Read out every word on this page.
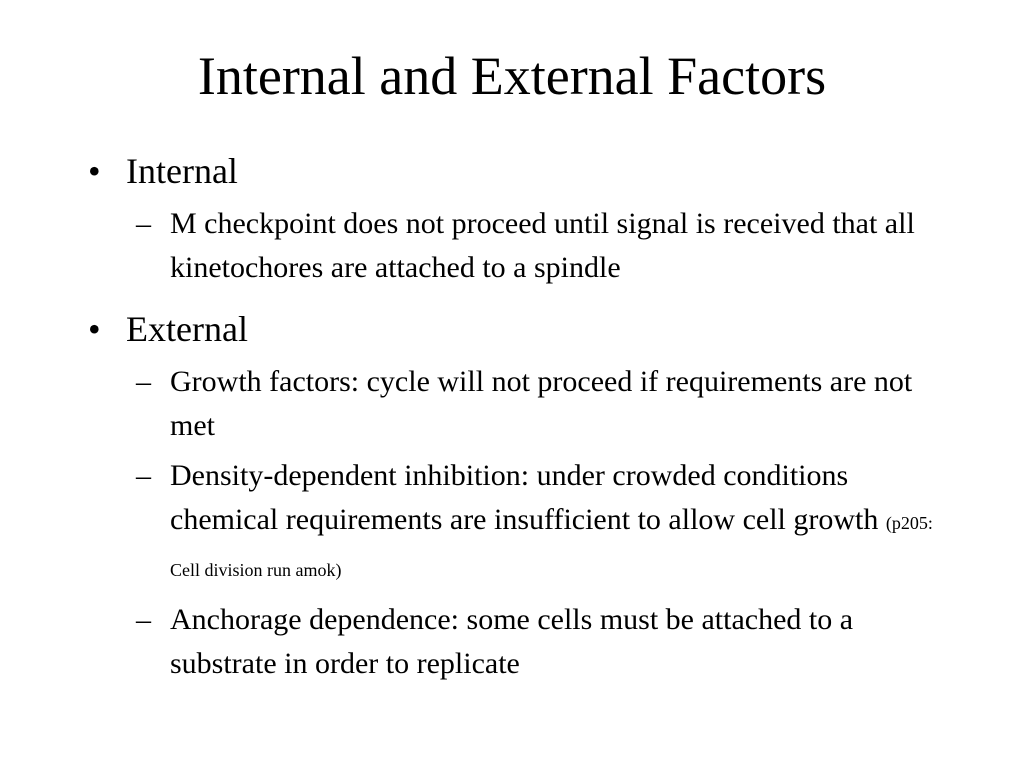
Internal and External Factors
• Internal
– M checkpoint does not proceed until signal is received that all kinetochores are attached to a spindle
• External
– Growth factors: cycle will not proceed if requirements are not met
– Density-dependent inhibition: under crowded conditions chemical requirements are insufficient to allow cell growth (p205: Cell division run amok)
– Anchorage dependence: some cells must be attached to a substrate in order to replicate
